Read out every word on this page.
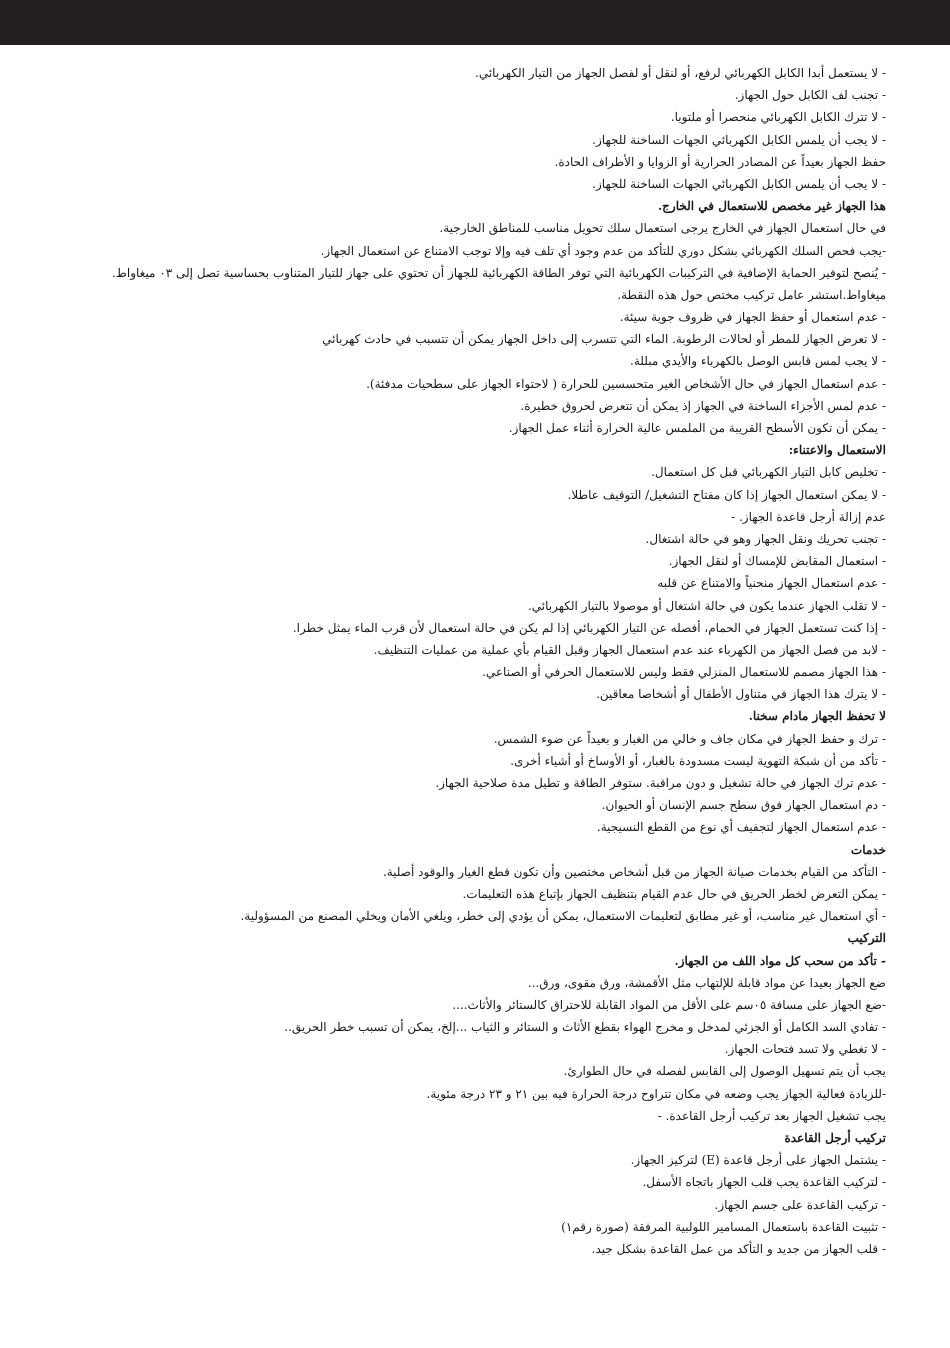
- لا يستعمل أبدا الكابل الكهربائي لرفع، أو لنقل أو لفصل الجهاز من التيار الكهربائي.
- تجنب لف الكابل حول الجهاز.
- لا تترك الكابل الكهربائي منحصرا أو ملتويا.
- لا يجب أن يلمس الكابل الكهربائي الجهات الساخنة للجهاز.
حفظ الجهاز بعيداً عن المصادر الحرارية أو الزوايا و الأطراف الحادة.
- لا يجب أن يلمس الكابل الكهربائي الجهات الساخنة للجهاز.
هذا الجهاز غير مخصص للاستعمال في الخارج.
في حال استعمال الجهاز في الخارج يرجى استعمال سلك تحويل مناسب للمناطق الخارجية.
-يجب فحص السلك الكهربائي بشكل دوري للتأكد من عدم وجود أي تلف فيه وإلا توجب الامتناع عن استعمال الجهاز.
- يُنصح لتوفير الحماية الإضافية في التركيبات الكهربائية التي توفر الطاقة الكهربائية للجهاز أن تحتوي على جهاز للتيار المتناوب بحساسية تصل إلى ٠٣ ميغاواط. ميغاواط.استشر عامل تركيب مختص حول هذه النقطة.
- عدم استعمال أو حفظ الجهاز في ظروف جوية سيئة.
- لا تعرض الجهاز للمطر أو لحالات الرطوبة. الماء التي تتسرب إلى داخل الجهاز يمكن أن تتسبب في حادث كهربائي
- لا يجب لمس قابس الوصل بالكهرباء والأيدي مبللة.
- عدم استعمال الجهاز في حال الأشخاص الغير متحسسين للحرارة ( لاحتواء الجهاز على سطحيات مدفئة).
- عدم لمس الأجزاء الساخنة في الجهاز إذ يمكن أن تتعرض لحروق خطيرة.
- يمكن أن تكون الأسطح القريبة من الملمس عالية الحرارة أثناء عمل الجهاز.
الاستعمال والاعتناء:
- تخليص كابل التيار الكهربائي قبل كل استعمال.
- لا يمكن استعمال الجهاز إذا كان مفتاح التشغيل/ التوقيف عاطلا.
عدم إزالة أرجل قاعدة الجهاز. -
- تجنب تحريك ونقل الجهاز وهو في حالة اشتغال.
- استعمال المقابض للإمساك أو لنقل الجهاز.
- عدم استعمال الجهاز منحنياً والامتناع عن قلبه
- لا تقلب الجهاز عندما يكون في حالة اشتغال أو موصولا بالتيار الكهربائي.
- إذا كنت تستعمل الجهاز في الحمام، أفصله عن التيار الكهربائي إذا لم يكن في حالة استعمال لأن قرب الماء يمثل خطرا.
- لابد من فصل الجهاز من الكهرباء عند عدم استعمال الجهاز وقبل القيام بأي عملية من عمليات التنظيف.
- هذا الجهاز مصمم للاستعمال المنزلي فقط وليس للاستعمال الحرفي أو الصناعي.
- لا يترك هذا الجهاز في متناول الأطفال أو أشخاصا معاقين.
لا تحفظ الجهاز مادام سخنا.
- ترك و حفظ الجهاز في مكان جاف و خالي من الغبار و بعيداً عن ضوء الشمس.
- تأكد من أن شبكة التهوية ليست مسدودة بالغبار، أو الأوساخ أو أشياء أخرى.
- عدم ترك الجهاز في حالة تشغيل و دون مراقبة. ستوفر الطاقة و تطيل مدة صلاحية الجهاز.
- دم استعمال الجهاز فوق سطح جسم الإنسان أو الحيوان.
- عدم استعمال الجهاز لتجفيف أي نوع من القطع النسيجية.
خدمات
- التأكد من القيام بخدمات صيانة الجهاز من قبل أشخاص مختصين وأن تكون قطع الغيار والوقود أصلية.
- يمكن التعرض لخطر الحريق في حال عدم القيام بتنظيف الجهاز بإتباع هذه التعليمات.
- أي استعمال غير مناسب، أو غير مطابق لتعليمات الاستعمال، يمكن أن يؤدي إلى خطر، ويلغي الأمان ويخلي المصنع من المسؤولية.
التركيب
- تأكد من سحب كل مواد اللف من الجهاز.
ضع الجهاز بعيدا عن مواد قابلة للإلتهاب مثل الأقمشة، ورق مقوى، ورق...
-ضع الجهاز على مسافة ٠٥سم على الأقل من المواد القابلة للاحتراق كالستائر والأثاث....
- تفادي السد الكامل أو الجزئي لمدخل و مخرج الهواء بقطع الأثاث و الستائر و الثياب ...إلخ، يمكن أن تسبب خطر الحريق..
- لا تغطي ولا تسد فتحات الجهاز.
يجب أن يتم تسهيل الوصول إلى القابس لفصله في حال الطوارئ.
-للزيادة فعالية الجهاز يجب وضعه في مكان تتراوح درجة الحرارة فيه بين ٢١ و ٢٣ درجة مئوية.
يجب تشغيل الجهاز بعد تركيب أرجل القاعدة. -
تركيب أرجل القاعدة
- يشتمل الجهاز على أرجل قاعدة (E) لتركيز الجهاز.
- لتركيب القاعدة يجب قلب الجهاز باتجاه الأسفل.
- تركيب القاعدة على جسم الجهاز.
- تثبيت القاعدة باستعمال المسامير اللولبية المرفقة (صورة رقم١)
- قلب الجهاز من جديد و التأكد من عمل القاعدة بشكل جيد.
